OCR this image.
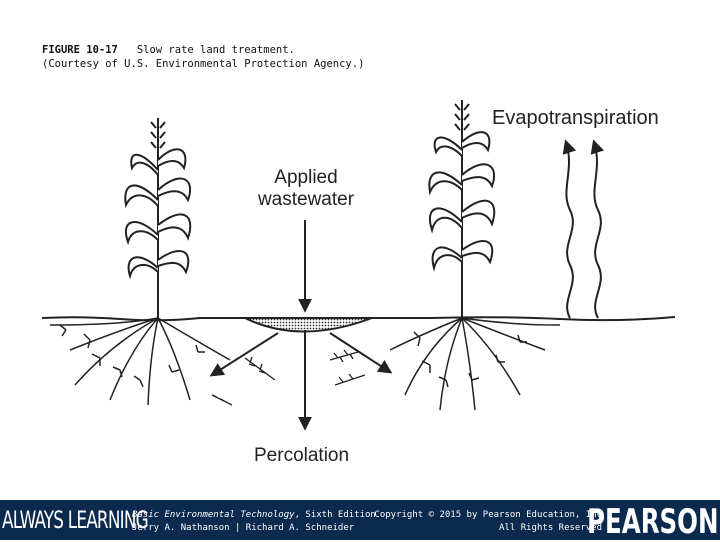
FIGURE 10-17 Slow rate land treatment.
(Courtesy of U.S. Environmental Protection Agency.)
Applied
wastewater
Evapotranspiration
Percolation
ALWAYS LEARNING
Basic Environmental Technology, Sixth Edition
Jerry A. Nathanson | Richard A. Schneider
Copyright © 2015 by Pearson Education, Inc
All Rights Reserved
PEARSON
